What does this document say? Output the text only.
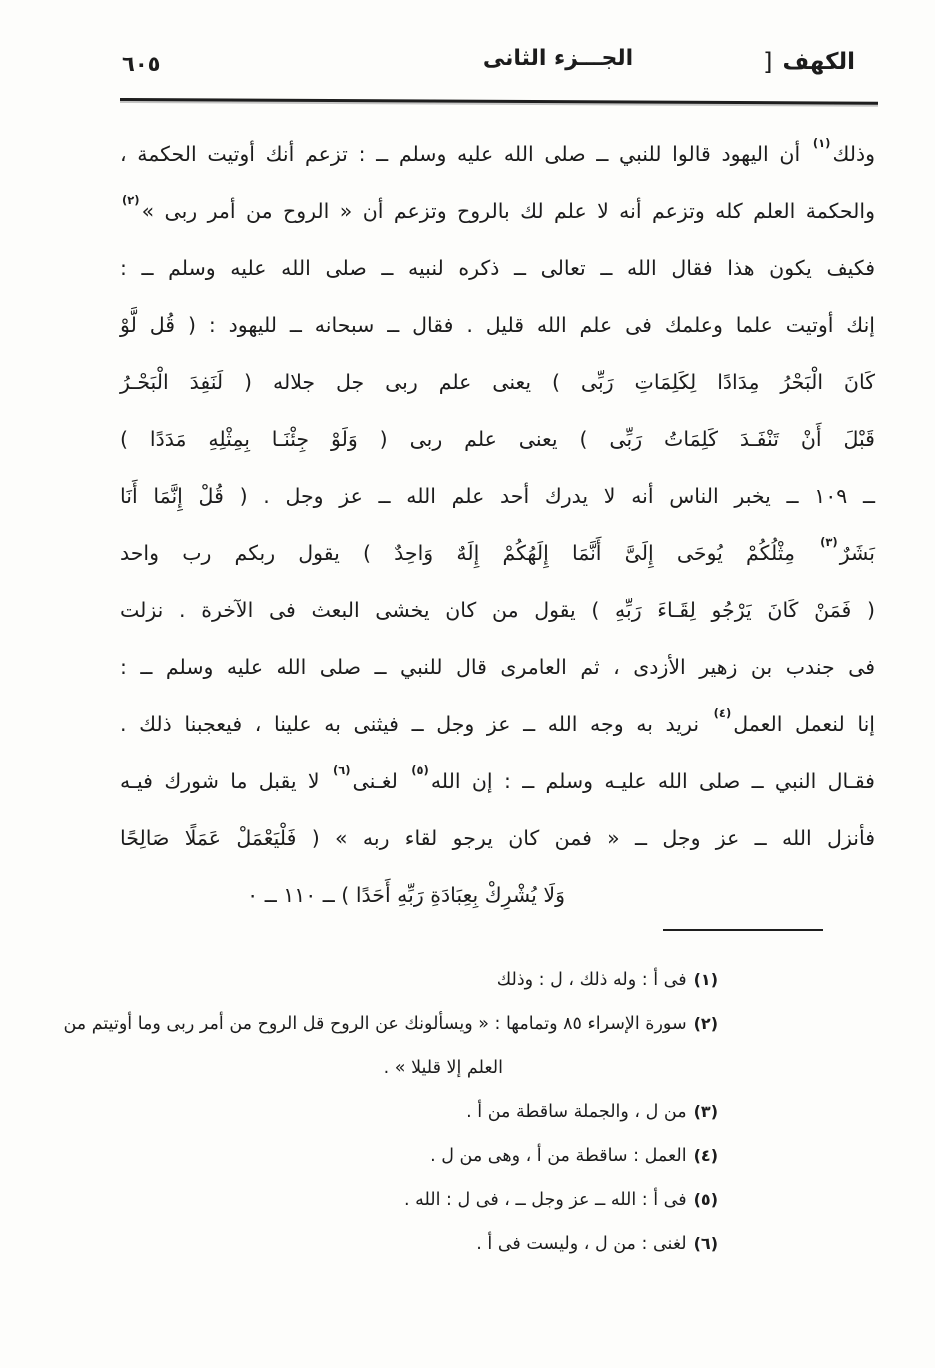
٦٠٥	الجـــزء الثانى	] الكهف
وذلك(١) أن اليهود قالوا للنبي ــ صلى الله عليه وسلم ــ : تزعم أنك أوتيت الحكمة ،
والحكمة العلم كله وتزعم أنه لا علم لك بالروح وتزعم أن « الروح من أمر ربى »(٢)
فكيف يكون هذا فقال الله ــ تعالى ــ ذكره لنبيه ــ صلى الله عليه وسلم ــ :
إنك أوتيت علما وعلمك فى علم الله قليل . فقال ــ سبحانه ــ لليهود : ( قُل لَّوْ
كَانَ الْبَحْرُ مِدَادًا لِكَلِمَاتِ رَبِّى ) يعنى علم ربى جل جلاله ( لَنَفِدَ الْبَحْـرُ
قَبْلَ أَنْ تَنْفَـدَ كَلِمَاتُ رَبِّى ) يعنى علم ربى ( وَلَوْ جِئْنَـا بِمِثْلِهِ مَدَدًا )
ــ ١٠٩ ــ يخبر الناس أنه لا يدرك أحد علم الله ــ عز وجل . ( قُلْ إِنَّمَا أَنَا
بَشَرٌ(٣) مِثْلُكُمْ يُوحَى إِلَىَّ أَنَّمَا إِلَهُكُمْ إِلَهٌ وَاحِدٌ ) يقول ربكم رب واحد
( فَمَنْ كَانَ يَرْجُو لِقَـاءَ رَبِّهِ ) يقول من كان يخشى البعث فى الآخرة . نزلت
فى جندب بن زهير الأزدى ، ثم العامرى قال للنبي ــ صلى الله عليه وسلم ــ :
إنا لنعمل العمل(٤) نريد به وجه الله ــ عز وجل ــ فيثنى به علينا ، فيعجبنا ذلك .
فقـال النبي ــ صلى الله عليـه وسلم ــ : إن الله(٥) لغـنى(٦) لا يقبل ما شورك فيـه
فأنزل الله ــ عز وجل ــ « فمن كان يرجو لقاء ربه » ( فَلْيَعْمَلْ عَمَلًا صَالِحًا
وَلَا يُشْرِكْ بِعِبَادَةِ رَبِّهِ أَحَدًا ) ــ ١١٠ ــ ٠
(١)فى أ : وله ذلك ، ل : وذلك
(٢)سورة الإسراء ٨٥ وتمامها : « ويسألونك عن الروح قل الروح من أمر ربى وما أوتيتم من
العلم إلا قليلا » .
(٣)من ل ، والجملة ساقطة من أ .
(٤)العمل : ساقطة من أ ، وهى من ل .
(٥)فى أ : الله ــ عز وجل ــ ، فى ل : الله .
(٦)لغنى : من ل ، وليست فى أ .
